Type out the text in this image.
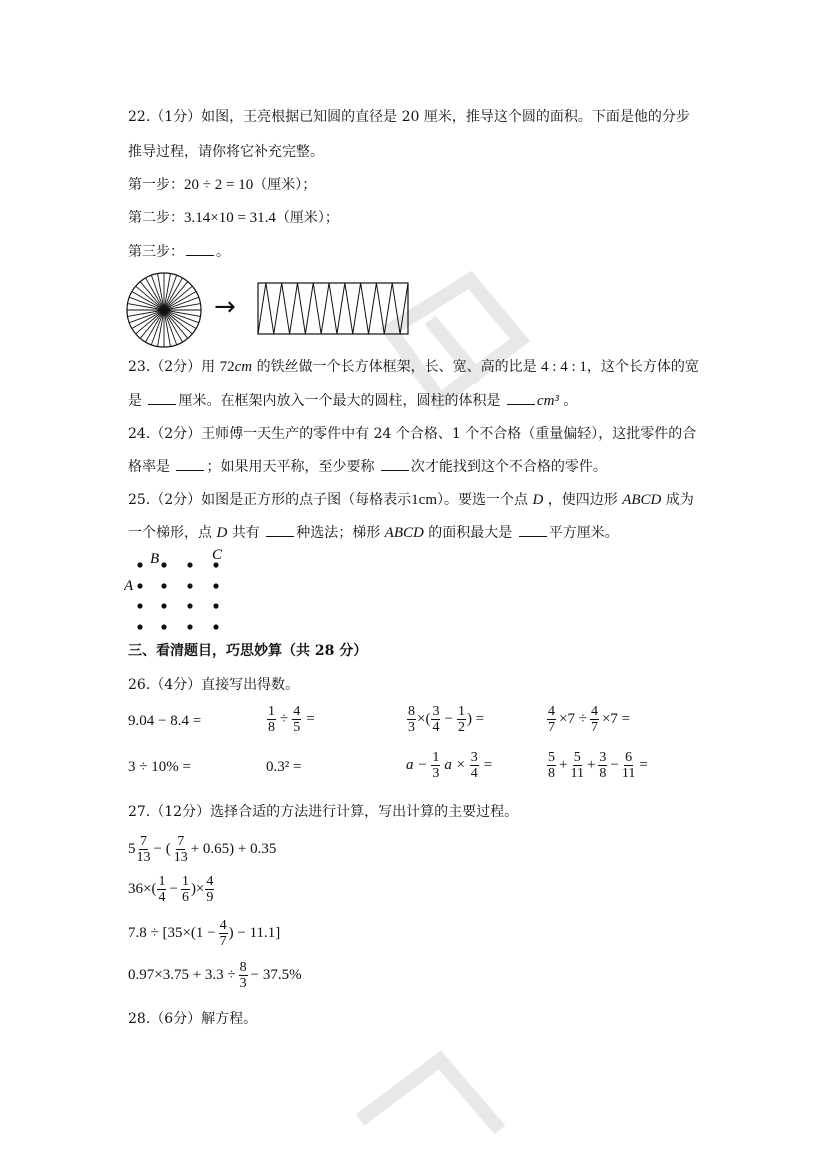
22.（1分）如图，王亮根据已知圆的直径是 20 厘米，推导这个圆的面积。下面是他的分步
推导过程，请你将它补充完整。
第一步：20 ÷ 2 = 10（厘米）；
第二步：3.14×10 = 31.4（厘米）；
第三步： 。
→
23.（2分）用 72cm 的铁丝做一个长方体框架，长、宽、高的比是 4 : 4 : 1，这个长方体的宽
是 厘米。在框架内放入一个最大的圆柱，圆柱的体积是 cm³ 。
24.（2分）王师傅一天生产的零件中有 24 个合格、1 个不合格（重量偏轻），这批零件的合
格率是 ；如果用天平称，至少要称 次才能找到这个不合格的零件。
25.（2分）如图是正方形的点子图（每格表示1cm）。要选一个点 D ，使四边形 ABCD 成为
一个梯形，点 D 共有 种选法；梯形 ABCD 的面积最大是 平方厘米。
A
B	C
三、看清题目，巧思妙算（共 28 分）
26.（4分）直接写出得数。
9.04 − 8.4 =	$\frac{1}{8} \div \frac{4}{5}$ =	$\frac{8}{3}$ ×( $\frac{3}{4} - \frac{1}{2}$ ) =	$\frac{4}{7} \times 7 \div \frac{4}{7} \times 7$ =
3 ÷ 10% =	0.3² =	$a - \frac{1}{3}$ $a \times \frac{3}{4}$ =	$\frac{5}{8} + \frac{5}{11} + \frac{3}{8} - \frac{6}{11}$ =
27.（12分）选择合适的方法进行计算，写出计算的主要过程。
$5 \frac{7}{13}$ − ( $\frac{7}{13} + 0.65) + 0.35$
$36\times( \frac{1}{4} - \frac{1}{6}$ )× $\frac{4}{9}$
$7.8 \div [35\times(1 - \frac{4}{7}$ ) − 11.1]
$0.97\times 3.75 + 3.3 \div \frac{8}{3} - 37.5\%$
28.（6分）解方程。
